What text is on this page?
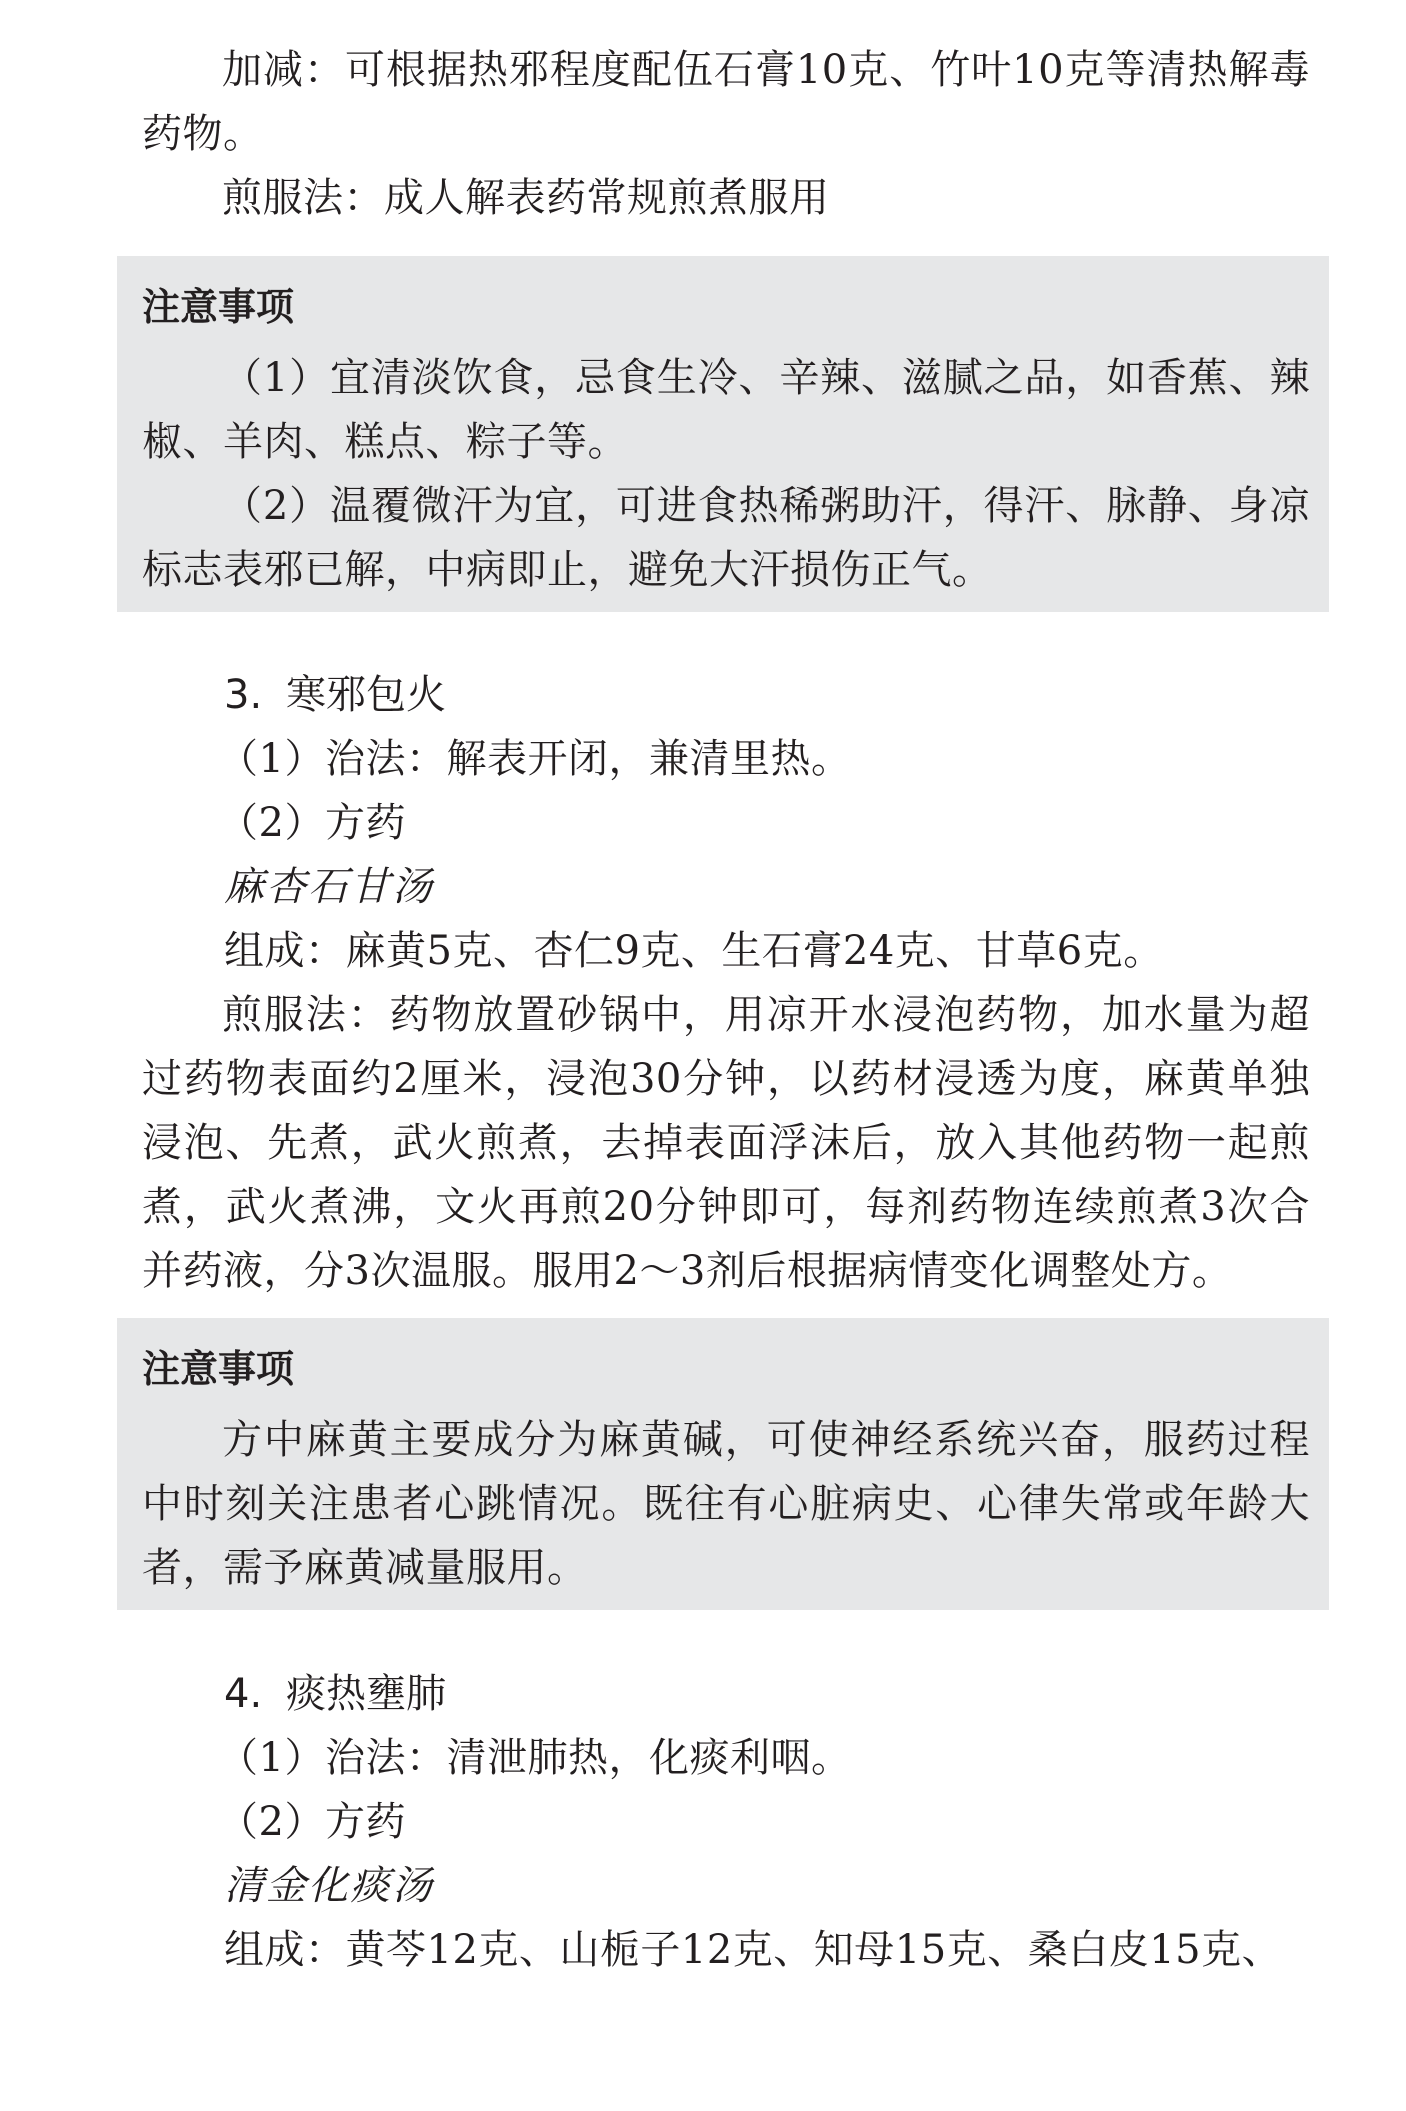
加减：可根据热邪程度配伍石膏10克、竹叶10克等清热解毒药物。

煎服法：成人解表药常规煎煮服用

注意事项

（1）宜清淡饮食，忌食生冷、辛辣、滋腻之品，如香蕉、辣椒、羊肉、糕点、粽子等。

（2）温覆微汗为宜，可进食热稀粥助汗，得汗、脉静、身凉标志表邪已解，中病即止，避免大汗损伤正气。

3. 寒邪包火

（1）治法：解表开闭，兼清里热。

（2）方药

麻杏石甘汤

组成：麻黄5克、杏仁9克、生石膏24克、甘草6克。

煎服法：药物放置砂锅中，用凉开水浸泡药物，加水量为超过药物表面约2厘米，浸泡30分钟，以药材浸透为度，麻黄单独浸泡、先煮，武火煎煮，去掉表面浮沫后，放入其他药物一起煎煮，武火煮沸，文火再煎20分钟即可，每剂药物连续煎煮3次合并药液，分3次温服。服用2～3剂后根据病情变化调整处方。

注意事项

方中麻黄主要成分为麻黄碱，可使神经系统兴奋，服药过程中时刻关注患者心跳情况。既往有心脏病史、心律失常或年龄大者，需予麻黄减量服用。

4. 痰热壅肺

（1）治法：清泄肺热，化痰利咽。

（2）方药

清金化痰汤

组成：黄芩12克、山栀子12克、知母15克、桑白皮15克、
